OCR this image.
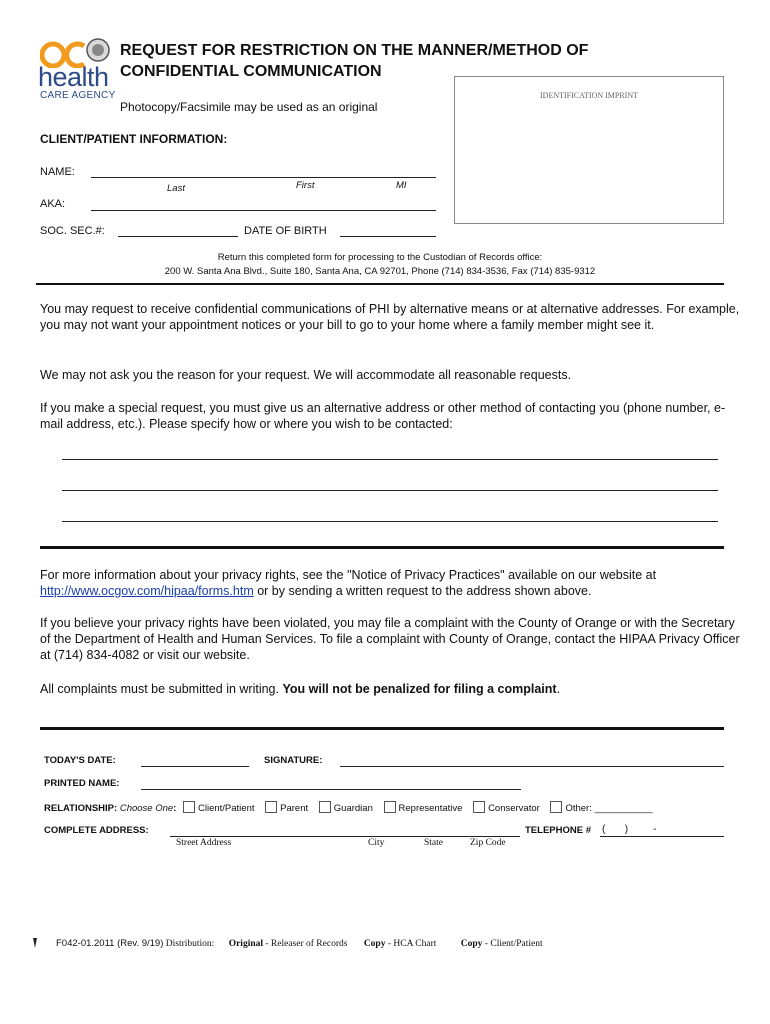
health
CARE AGENCY
REQUEST FOR RESTRICTION ON THE MANNER/METHOD OF
CONFIDENTIAL COMMUNICATION
Photocopy/Facsimile may be used as an original
IDENTIFICATION IMPRINT
CLIENT/PATIENT INFORMATION:
NAME:
Last	First	MI
AKA:
SOC. SEC.#:	DATE OF BIRTH
Return this completed form for processing to the Custodian of Records office:
200 W. Santa Ana Blvd., Suite 180, Santa Ana, CA 92701, Phone (714) 834-3536, Fax (714) 835-9312
You may request to receive confidential communications of PHI by alternative means or at alternative addresses. For example, you may not want your appointment notices or your bill to go to your home where a family member might see it.
We may not ask you the reason for your request. We will accommodate all reasonable requests.
If you make a special request, you must give us an alternative address or other method of contacting you (phone number, e-mail address, etc.). Please specify how or where you wish to be contacted:
For more information about your privacy rights, see the "Notice of Privacy Practices" available on our website at http://www.ocgov.com/hipaa/forms.htm or by sending a written request to the address shown above.
If you believe your privacy rights have been violated, you may file a complaint with the County of Orange or with the Secretary of the Department of Health and Human Services. To file a complaint with County of Orange, contact the HIPAA Privacy Officer at (714) 834-4082 or visit our website.
All complaints must be submitted in writing. You will not be penalized for filing a complaint.
TODAY'S DATE:	SIGNATURE:
PRINTED NAME:
RELATIONSHIP: Choose One: Client/Patient	Parent	Guardian	Representative	Conservator	Other: ___________
COMPLETE ADDRESS:	TELEPHONE # (       )         -
Street Address	City	State	Zip Code
F042-01.2011 (Rev. 9/19) Distribution: Original - Releaser of Records Copy - HCA Chart	Copy - Client/Patient
